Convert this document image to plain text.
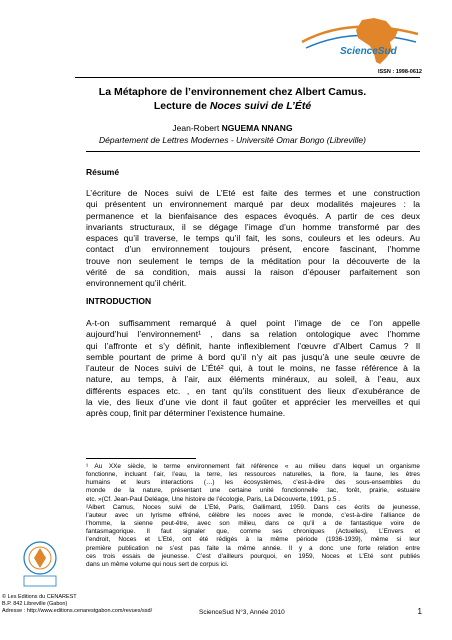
ScienceSud
ISSN : 1998-0612
La Métaphore de l’environnement chez Albert Camus.
Lecture de Noces suivi de L’Été
Jean-Robert NGUEMA NNANG
Département de Lettres Modernes - Université Omar Bongo (Libreville)
Résumé
L’écriture de Noces suivi de L’Eté est faite des termes et une construction
qui présentent un environnement marqué par deux modalités majeures : la
permanence et la bienfaisance des espaces évoqués. A partir de ces deux
invariants structuraux, il se dégage l’image d’un homme transformé par des
espaces qu’il traverse, le temps qu’il fait, les sons, couleurs et les odeurs. Au
contact d’un environnement toujours présent, encore fascinant, l’homme
trouve non seulement le temps de la méditation pour la découverte de la
vérité de sa condition, mais aussi la raison d’épouser parfaitement son
environnement qu’il chérit.
INTRODUCTION
A-t-on suffisamment remarqué à quel point l’image de ce l’on appelle
aujourd’hui l’environnement¹ , dans sa relation ontologique avec l’homme
qui l’affronte et s’y définit, hante inflexiblement l’œuvre d’Albert Camus ? Il
semble pourtant de prime à bord qu’il n’y ait pas jusqu’à une seule œuvre de
l’auteur de Noces suivi de L’Été² qui, à tout le moins, ne fasse référence à la
nature, au temps, à l’air, aux éléments minéraux, au soleil, à l’eau, aux
différents espaces etc. , en tant qu’ils constituent des lieux d’exubérance de
la vie, des lieux d’une vie dont il faut goûter et apprécier les merveilles et qui
après coup, finit par déterminer l’existence humaine.
¹ Au XXe siècle, le terme environnement fait référence « au milieu dans lequel un organisme
fonctionne, incluant l’air, l’eau, la terre, les ressources naturelles, la flore, la faune, les êtres
humains et leurs interactions (…) les écosystèmes, c’est-à-dire des sous-ensembles du
monde de la nature, présentant une certaine unité fonctionnelle :lac, forêt, prairie, estuaire
etc. »(Cf. Jean-Paul Deléage, Une histoire de l’écologie, Paris, La Découverte, 1991, p.5 .
²Albert Camus, Noces suivi de L’Été, Paris, Gallimard, 1959. Dans ces écrits de jeunesse,
l’auteur avec un lyrisme effréné, célèbre les noces avec le monde, c’est-à-dire l’alliance de
l’homme, la sienne peut-être, avec son milieu, dans ce qu’il a de fantastique voire de
fantasmagorique. Il faut signaler que, comme ses chroniques (Actuelles), L’Envers et
l’endroit, Noces et L’Été, ont été rédigés à la même période (1936-1939), même si leur
première publication ne s’est pas faite la même année. Il y a donc une forte relation entre
ces trois essais de jeunesse. C’est d’ailleurs pourquoi, en 1959, Noces et L’Été sont publiés
dans un même volume qui nous sert de corpus ici.
© Les Editions du CENAREST
B.P. 842 Libreville (Gabon)
Adresse : http://www.editions.cenarestgabon.com/revues/ssd/	ScienceSud N°3, Année 2010	1
